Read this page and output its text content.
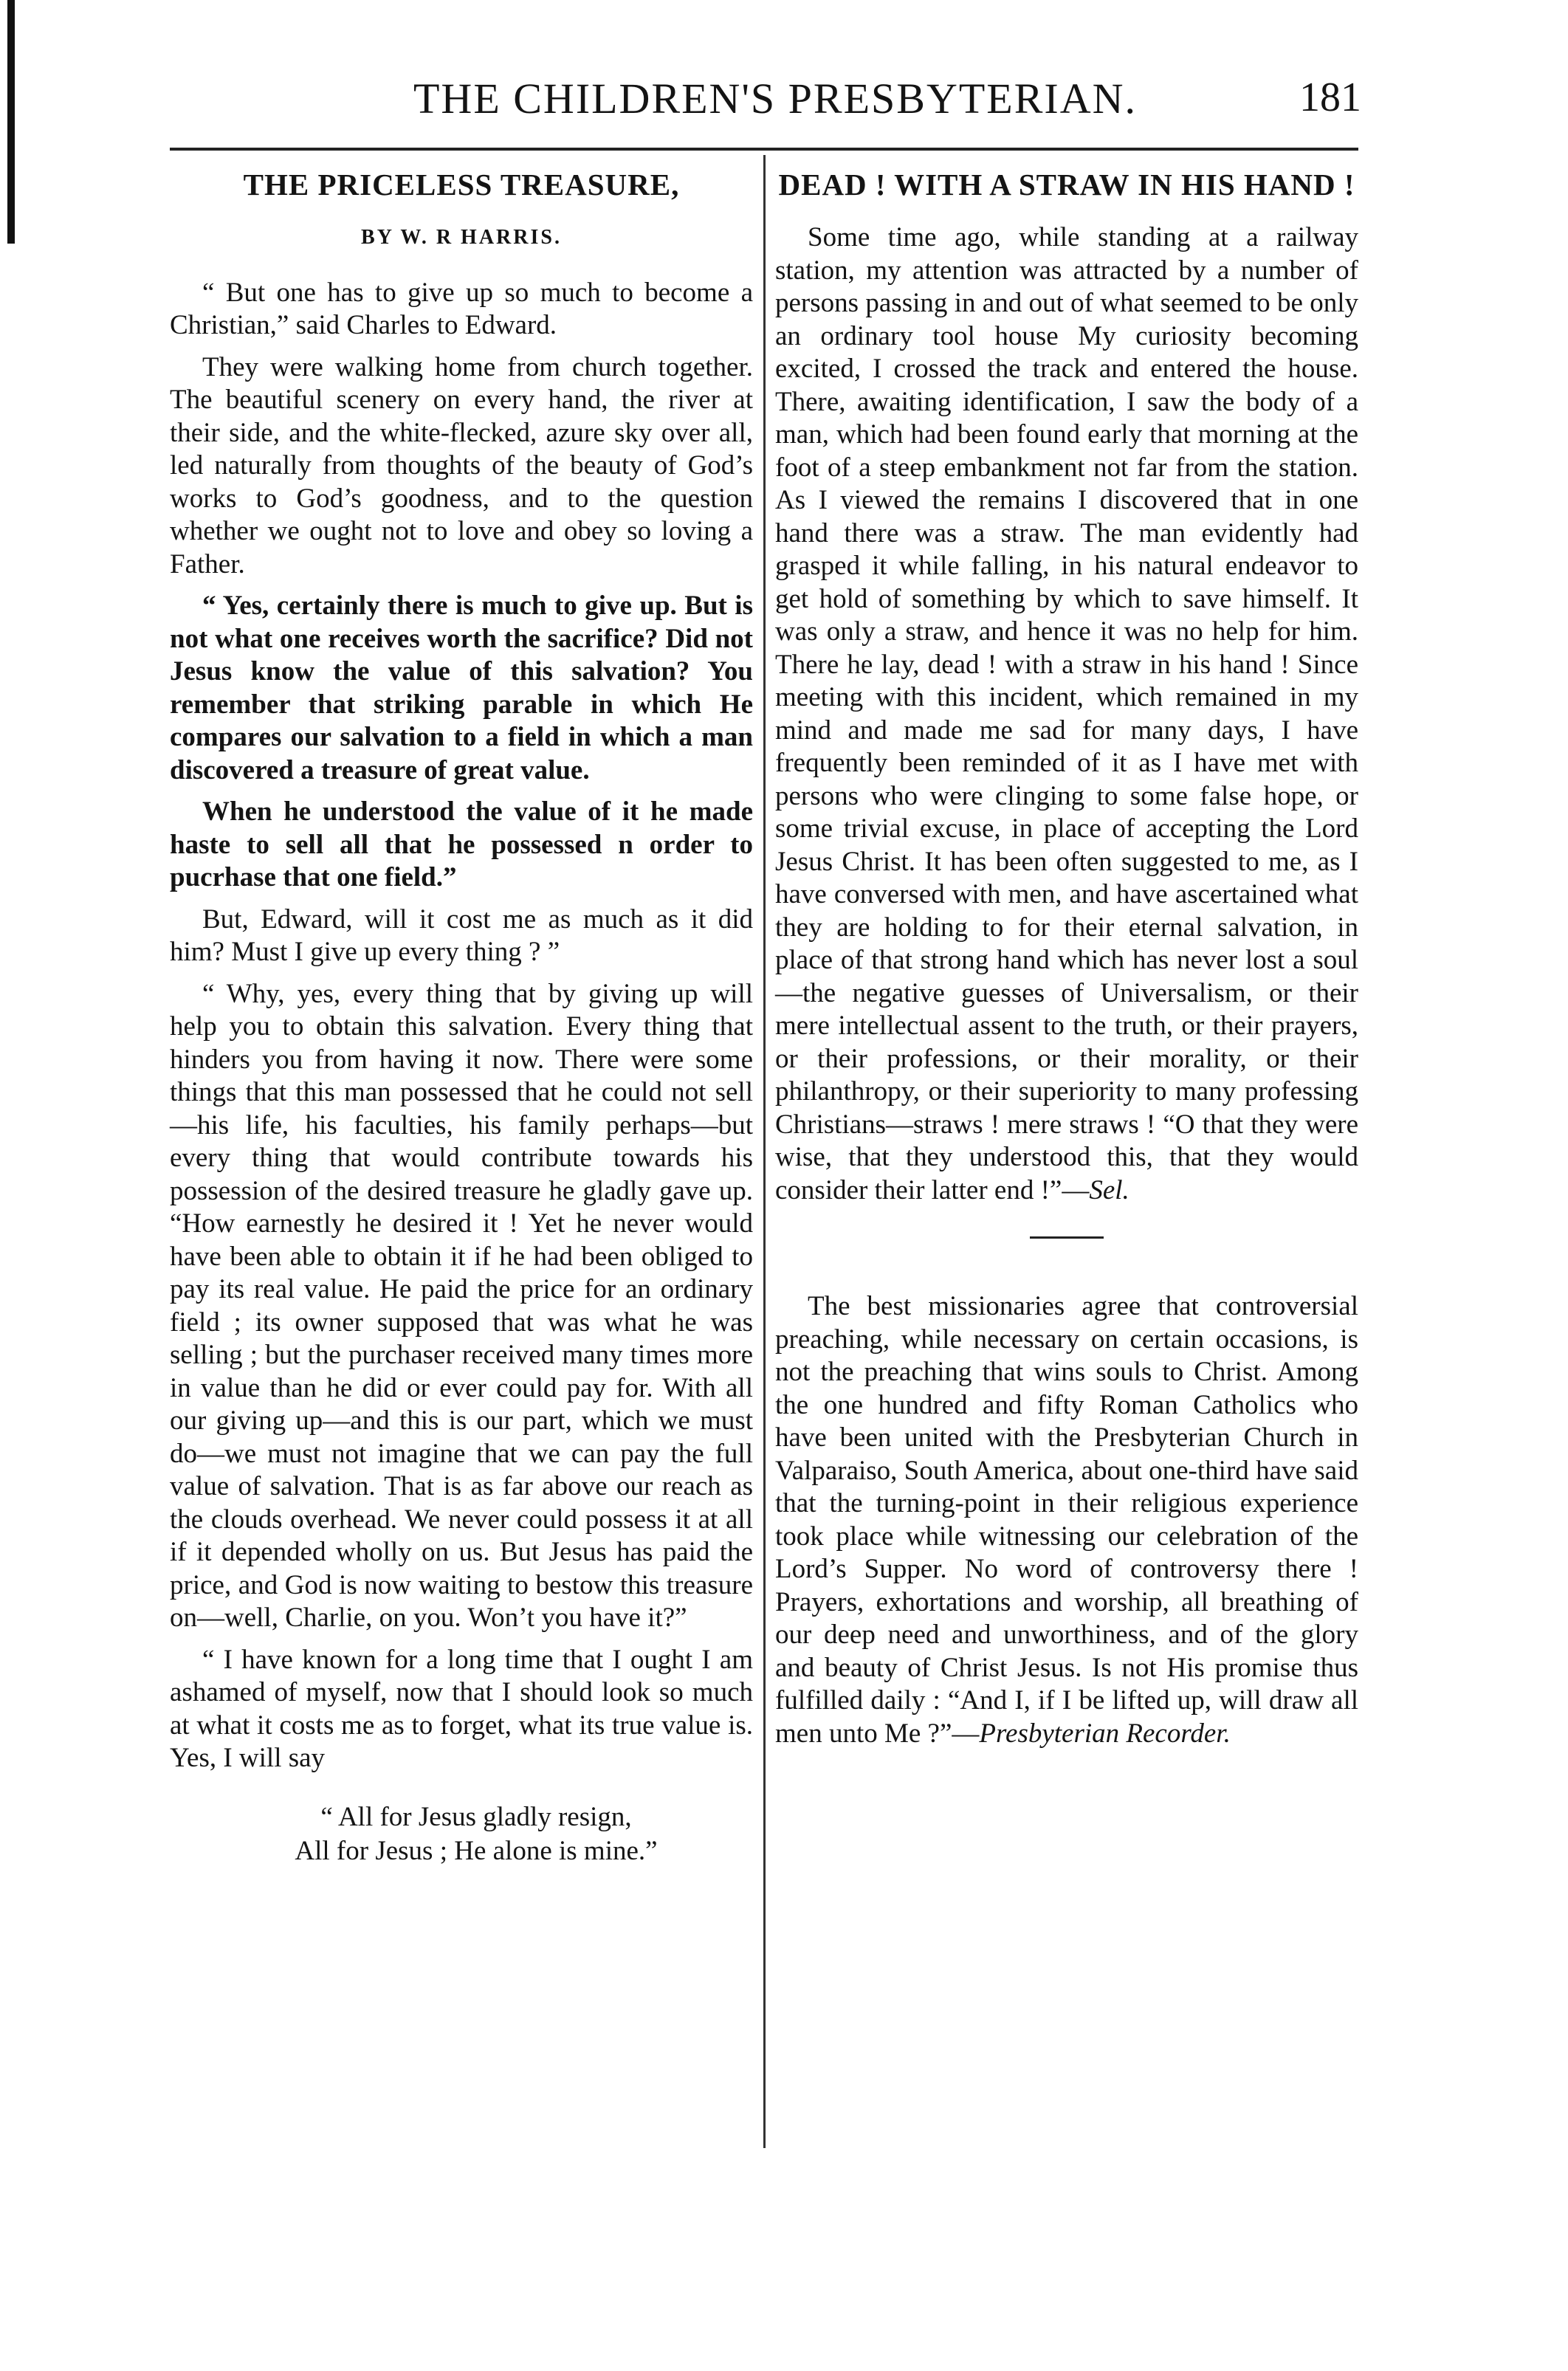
THE CHILDREN'S PRESBYTERIAN.	181
THE PRICELESS TREASURE,
BY W. R HARRIS.

“ But one has to give up so much to become a Christian,” said Charles to Edward.

They were walking home from church together. The beautiful scenery on every hand, the river at their side, and the white-flecked, azure sky over all, led naturally from thoughts of the beauty of God’s works to God’s goodness, and to the question whether we ought not to love and obey so loving a Father.

“ Yes, certainly there is much to give up. But is not what one receives worth the sacrifice? Did not Jesus know the value of this salvation? You remember that striking parable in which He compares our salvation to a field in which a man discovered a treasure of great value.

When he understood the value of it he made haste to sell all that he possessed n order to pucrhase that one field.”

But, Edward, will it cost me as much as it did him? Must I give up every thing ? ”

“ Why, yes, every thing that by giving up will help you to obtain this salvation. Every thing that hinders you from having it now. There were some things that this man possessed that he could not sell—his life, his faculties, his family perhaps—but every thing that would contribute towards his possession of the desired treasure he gladly gave up. “How earnestly he desired it ! Yet he never would have been able to obtain it if he had been obliged to pay its real value. He paid the price for an ordinary field ; its owner supposed that was what he was selling ; but the purchaser received many times more in value than he did or ever could pay for. With all our giving up—and this is our part, which we must do—we must not imagine that we can pay the full value of salvation. That is as far above our reach as the clouds overhead. We never could possess it at all if it depended wholly on us. But Jesus has paid the price, and God is now waiting to bestow this treasure on—well, Charlie, on you. Won’t you have it?”

“ I have known for a long time that I ought I am ashamed of myself, now that I should look so much at what it costs me as to forget, what its true value is. Yes, I will say

“ All for Jesus gladly resign,
All for Jesus ; He alone is mine.”
DEAD ! WITH A STRAW IN HIS HAND !

Some time ago, while standing at a railway station, my attention was attracted by a number of persons passing in and out of what seemed to be only an ordinary tool house My curiosity becoming excited, I crossed the track and entered the house. There, awaiting identification, I saw the body of a man, which had been found early that morning at the foot of a steep embankment not far from the station. As I viewed the remains I discovered that in one hand there was a straw. The man evidently had grasped it while falling, in his natural endeavor to get hold of something by which to save himself. It was only a straw, and hence it was no help for him. There he lay, dead ! with a straw in his hand ! Since meeting with this incident, which remained in my mind and made me sad for many days, I have frequently been reminded of it as I have met with persons who were clinging to some false hope, or some trivial excuse, in place of accepting the Lord Jesus Christ. It has been often suggested to me, as I have conversed with men, and have ascertained what they are holding to for their eternal salvation, in place of that strong hand which has never lost a soul—the negative guesses of Universalism, or their mere intellectual assent to the truth, or their prayers, or their professions, or their morality, or their philanthropy, or their superiority to many professing Christians—straws ! mere straws ! “O that they were wise, that they understood this, that they would consider their latter end !”—Sel.

The best missionaries agree that controversial preaching, while necessary on certain occasions, is not the preaching that wins souls to Christ. Among the one hundred and fifty Roman Catholics who have been united with the Presbyterian Church in Valparaiso, South America, about one-third have said that the turning-point in their religious experience took place while witnessing our celebration of the Lord’s Supper. No word of controversy there ! Prayers, exhortations and worship, all breathing of our deep need and unworthiness, and of the glory and beauty of Christ Jesus. Is not His promise thus fulfilled daily : “And I, if I be lifted up, will draw all men unto Me ?”—Presbyterian Recorder.
